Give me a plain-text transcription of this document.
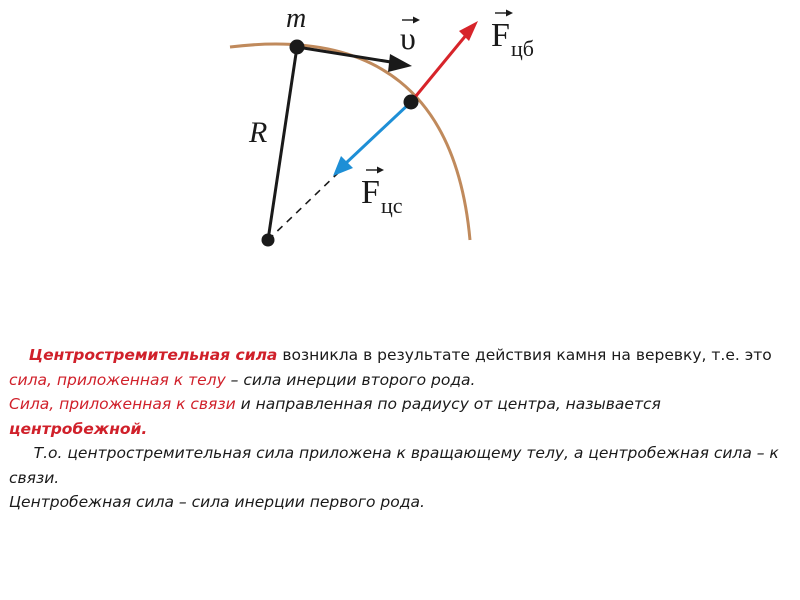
m
R
υ F цб
F цс

Центростремительная сила возникла в результате действия камня на веревку, т.е. это сила, приложенная к телу – сила инерции второго рода.

Сила, приложенная к связи и направленная по радиусу от центра, называется центробежной.

Т.о. центростремительная сила приложена к вращающему телу, а центробежная сила – к связи.

Центробежная сила – сила инерции первого рода.
